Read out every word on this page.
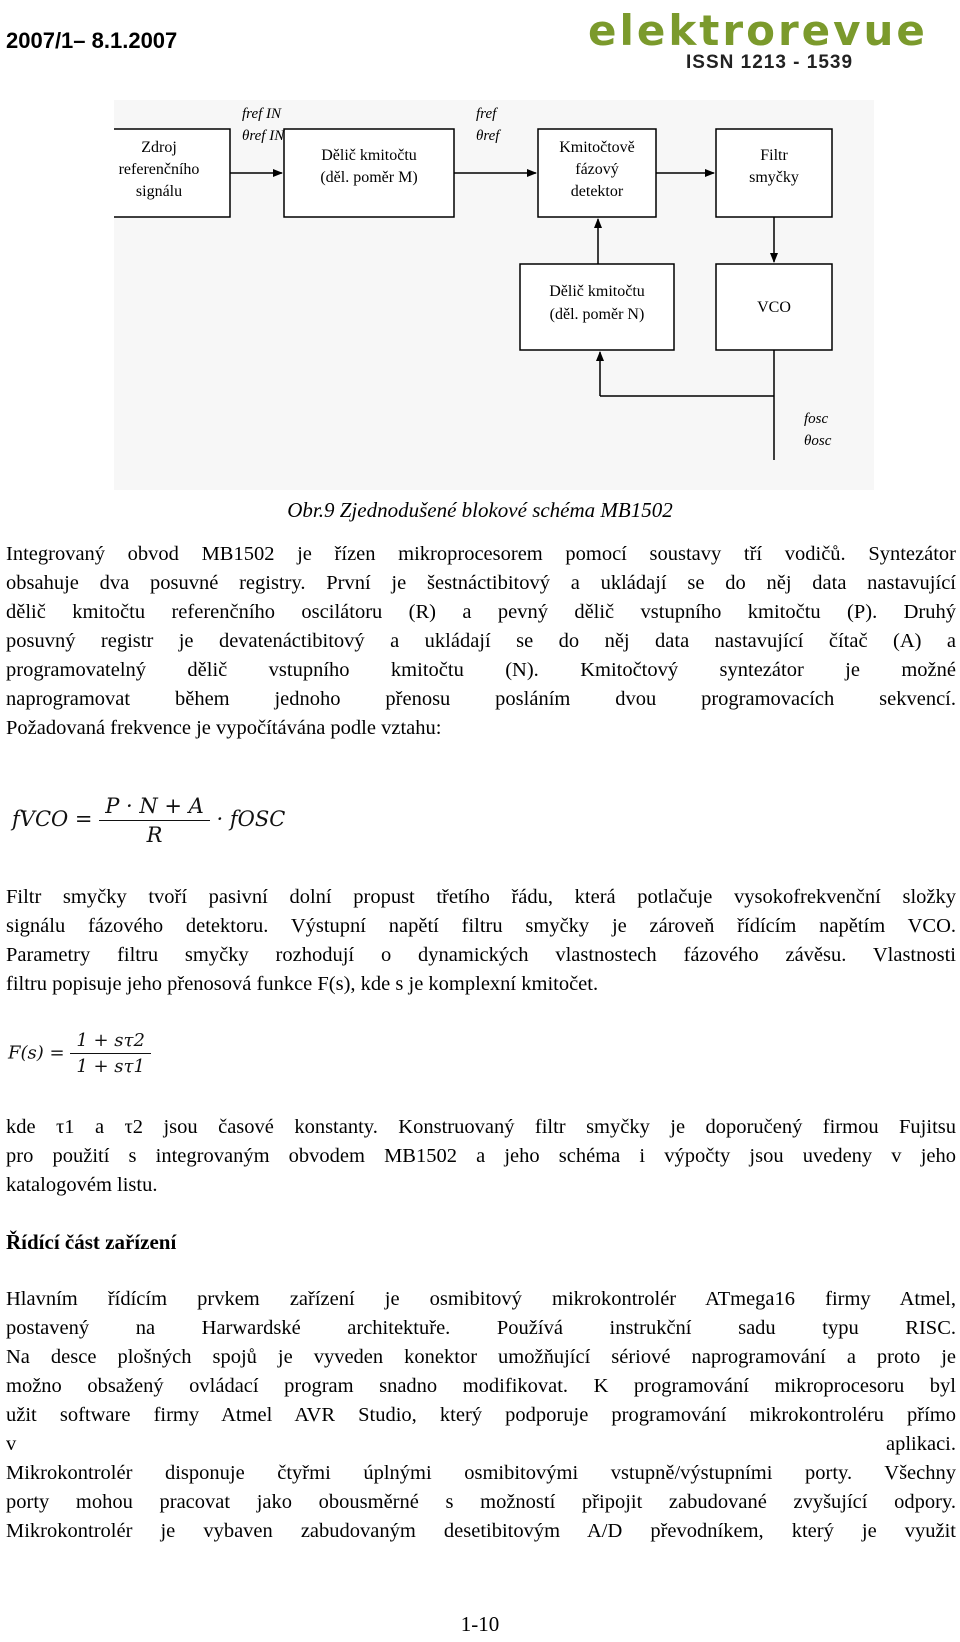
2007/1– 8.1.2007	elektrorevue
ISSN 1213 - 1539
Zdroj
referenčního
signálu
Dělič kmitočtu
(děl. poměr M)
Kmitočtově
fázový
detektor
Filtr
smyčky
Dělič kmitočtu
(děl. poměr N)	VCO
fref IN
θref IN
fref
θref
fosc
θosc
Obr.9 Zjednodušené blokové schéma MB1502
Integrovaný obvod MB1502 je řízen mikroprocesorem pomocí soustavy tří vodičů. Syntezátor
obsahuje dva posuvné registry. První je šestnáctibitový a ukládají se do něj data nastavující
dělič kmitočtu referenčního oscilátoru (R) a pevný dělič vstupního kmitočtu (P). Druhý
posuvný registr je devatenáctibitový a ukládají se do něj data nastavující čítač (A) a
programovatelný dělič vstupního kmitočtu (N). Kmitočtový syntezátor je možné
naprogramovat během jednoho přenosu posláním dvou programovacích sekvencí.
Požadovaná frekvence je vypočítávána podle vztahu:
fVCO = $\frac{P \cdot N + A}{R}$ · fOSC
Filtr smyčky tvoří pasivní dolní propust třetího řádu, která potlačuje vysokofrekvenční složky
signálu fázového detektoru. Výstupní napětí filtru smyčky je zároveň řídícím napětím VCO.
Parametry filtru smyčky rozhodují o dynamických vlastnostech fázového závěsu. Vlastnosti
filtru popisuje jeho přenosová funkce F(s), kde s je komplexní kmitočet.
$F(s) = \frac{1 + s\tau 2}{1 + s\tau 1}$
kde τ1 a τ2 jsou časové konstanty. Konstruovaný filtr smyčky je doporučený firmou Fujitsu
pro použití s integrovaným obvodem MB1502 a jeho schéma i výpočty jsou uvedeny v jeho
katalogovém listu.
Řídící část zařízení
Hlavním řídícím prvkem zařízení je osmibitový mikrokontrolér ATmega16 firmy Atmel,
postavený na Harwardské architektuře. Používá instrukční sadu typu RISC.
Na desce plošných spojů je vyveden konektor umožňující sériové naprogramování a proto je
možno obsažený ovládací program snadno modifikovat. K programování mikroprocesoru byl
užit software firmy Atmel AVR Studio, který podporuje programování mikrokontroléru přímo
v aplikaci.
Mikrokontrolér disponuje čtyřmi úplnými osmibitovými vstupně/výstupními porty. Všechny
porty mohou pracovat jako obousměrné s možností připojit zabudované zvyšující odpory.
Mikrokontrolér je vybaven zabudovaným desetibitovým A/D převodníkem, který je využit
1-10
